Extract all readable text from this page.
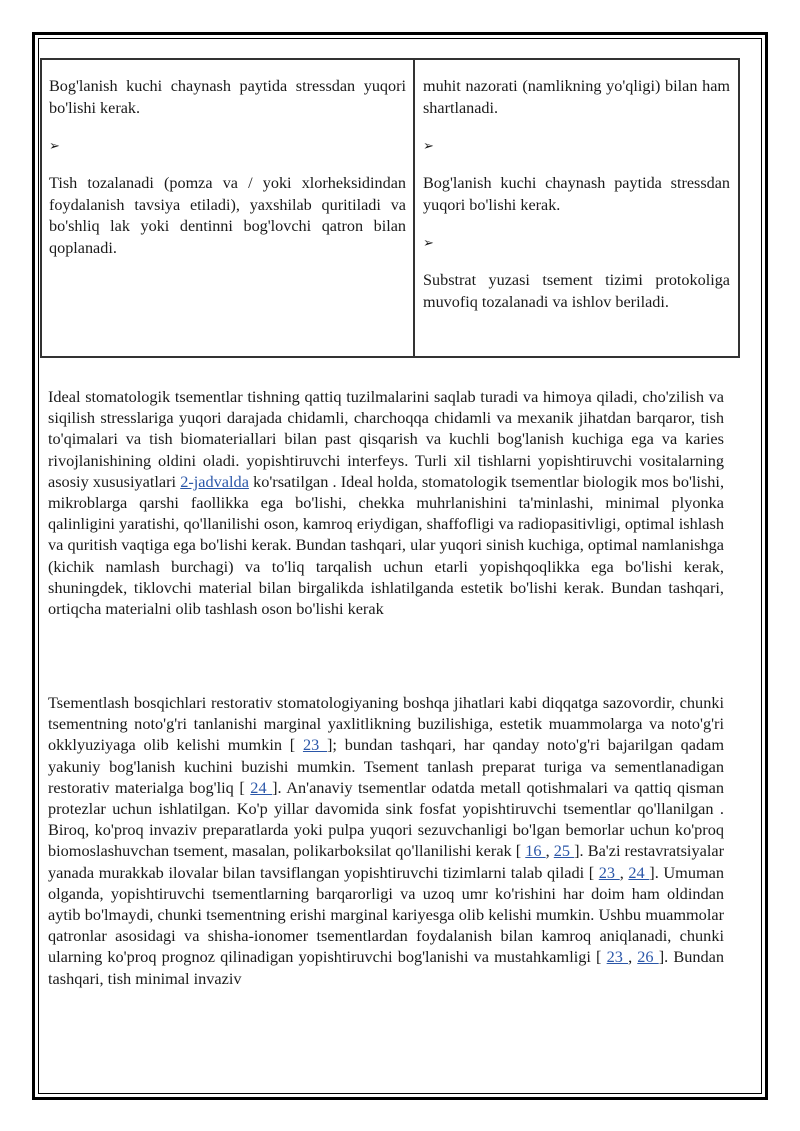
Bog'lanish kuchi chaynash paytida stressdan yuqori bo'lishi kerak.

➢

Tish tozalanadi (pomza va / yoki xlorheksidindan foydalanish tavsiya etiladi), yaxshilab quritiladi va bo'shliq lak yoki dentinni bog'lovchi qatron bilan qoplanadi.

muhit nazorati (namlikning yo'qligi) bilan ham shartlanadi.

➢

Bog'lanish kuchi chaynash paytida stressdan yuqori bo'lishi kerak.

➢

Substrat yuzasi tsement tizimi protokoliga muvofiq tozalanadi va ishlov beriladi.

Ideal stomatologik tsementlar tishning qattiq tuzilmalarini saqlab turadi va himoya qiladi, cho'zilish va siqilish stresslariga yuqori darajada chidamli, charchoqqa chidamli va mexanik jihatdan barqaror, tish to'qimalari va tish biomateriallari bilan past qisqarish va kuchli bog'lanish kuchiga ega va karies rivojlanishining oldini oladi. yopishtiruvchi interfeys. Turli xil tishlarni yopishtiruvchi vositalarning asosiy xususiyatlari 2-jadvalda ko'rsatilgan . Ideal holda, stomatologik tsementlar biologik mos bo'lishi, mikroblarga qarshi faollikka ega bo'lishi, chekka muhrlanishini ta'minlashi, minimal plyonka qalinligini yaratishi, qo'llanilishi oson, kamroq eriydigan, shaffofligi va radiopasitivligi, optimal ishlash va quritish vaqtiga ega bo'lishi kerak. Bundan tashqari, ular yuqori sinish kuchiga, optimal namlanishga (kichik namlash burchagi) va to'liq tarqalish uchun etarli yopishqoqlikka ega bo'lishi kerak, shuningdek, tiklovchi material bilan birgalikda ishlatilganda estetik bo'lishi kerak. Bundan tashqari, ortiqcha materialni olib tashlash oson bo'lishi kerak

Tsementlash bosqichlari restorativ stomatologiyaning boshqa jihatlari kabi diqqatga sazovordir, chunki tsementning noto'g'ri tanlanishi marginal yaxlitlikning buzilishiga, estetik muammolarga va noto'g'ri okklyuziyaga olib kelishi mumkin [ 23 ]; bundan tashqari, har qanday noto'g'ri bajarilgan qadam yakuniy bog'lanish kuchini buzishi mumkin. Tsement tanlash preparat turiga va sementlanadigan restorativ materialga bog'liq [ 24 ]. An'anaviy tsementlar odatda metall qotishmalari va qattiq qisman protezlar uchun ishlatilgan. Ko'p yillar davomida sink fosfat yopishtiruvchi tsementlar qo'llanilgan . Biroq, ko'proq invaziv preparatlarda yoki pulpa yuqori sezuvchanligi bo'lgan bemorlar uchun ko'proq biomoslashuvchan tsement, masalan, polikarboksilat qo'llanilishi kerak [ 16 , 25 ]. Ba'zi restavratsiyalar yanada murakkab ilovalar bilan tavsiflangan yopishtiruvchi tizimlarni talab qiladi [ 23 , 24 ]. Umuman olganda, yopishtiruvchi tsementlarning barqarorligi va uzoq umr ko'rishini har doim ham oldindan aytib bo'lmaydi, chunki tsementning erishi marginal kariyesga olib kelishi mumkin. Ushbu muammolar qatronlar asosidagi va shisha-ionomer tsementlardan foydalanish bilan kamroq aniqlanadi, chunki ularning ko'proq prognoz qilinadigan yopishtiruvchi bog'lanishi va mustahkamligi [ 23 , 26 ]. Bundan tashqari, tish minimal invaziv
